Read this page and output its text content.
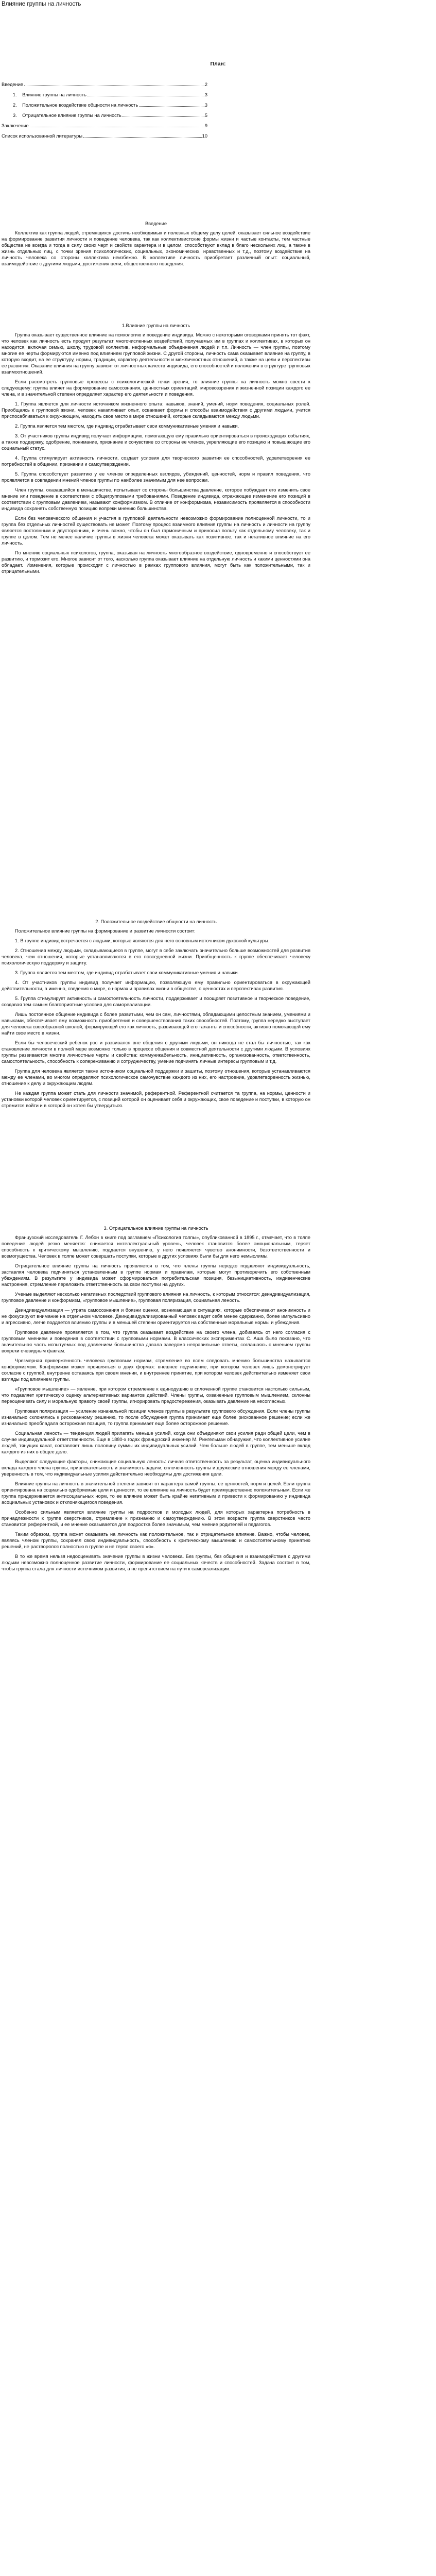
Влияние группы на личность
План:
Введение	2
1.    Влияние группы на личность	3
2.    Положительное воздействие общности на личность	3
3.    Отрицательное влияние группы на личность	5
Заключение	9
Список использованной литературы	10
Введение

Коллектив как группа людей, стремящихся достичь необходимых и полезных общему делу целей, оказывает сильное воздействие на формирование развития личности и поведение человека, так как коллективистские формы жизни и частые контакты, тем частные общества не всегда и тогда в силу своих черт и свойств характера и в целом, способствуют вклад в благо нескольких лиц, а также в жизнь отдельных лиц, с точки зрения психологических, социальных, экономических, нравственных и т.д., поэтому воздействие на личность человека со стороны коллектива неизбежно. В коллективе личность приобретает различный опыт: социальный, взаимодействие с другими людьми, достижения цели, общественного поведения.

1.Влияние группы на личность

Группа оказывает существенное влияние на психологию и поведение индивида. Можно с некоторыми оговорками принять тот факт, что человек как личность есть продукт результат многочисленных воздействий, получаемых им в группах и коллективах, в которых он находится, включая семью, школу, трудовой коллектив, неформальные объединения людей и т.п. Личность — член группы, поэтому многие ее черты формируются именно под влиянием групповой жизни. С другой стороны, личность сама оказывает влияние на группу, в которую входит, на ее структуру, нормы, традиции, характер деятельности и межличностных отношений, а также на цели и перспективы ее развития. Оказание влияния на группу зависит от личностных качеств индивида, его способностей и положения в структуре групповых взаимоотношений.

Если рассмотреть групповые процессы с психологической точки зрения, то влияние группы на личность можно свести к следующему: группа влияет на формирование самосознания, ценностных ориентаций, мировоззрения и жизненной позиции каждого ее члена, и в значительной степени определяет характер его деятельности и поведения.

1. Группа является для личности источником жизненного опыта: навыков, знаний, умений, норм поведения, социальных ролей. Приобщаясь к групповой жизни, человек накапливает опыт, осваивает формы и способы взаимодействия с другими людьми, учится приспосабливаться к окружающим, находить свое место в мире отношений, которые складываются между людьми.

2. Группа является тем местом, где индивид отрабатывает свои коммуникативные умения и навыки.

3. От участников группы индивид получает информацию, помогающую ему правильно ориентироваться в происходящих событиях, а также поддержку, одобрение, понимание, признание и сочувствие со стороны ее членов, укрепляющие его позицию и повышающие его социальный статус.

4. Группа стимулирует активность личности, создает условия для творческого развития ее способностей, удовлетворения ее потребностей в общении, признании и самоутверждении.

5. Группа способствует развитию у ее членов определенных взглядов, убеждений, ценностей, норм и правил поведения, что проявляется в совпадении мнений членов группы по наиболее значимым для нее вопросам.

Член группы, оказавшийся в меньшинстве, испытывает со стороны большинства давление, которое побуждает его изменить свое мнение или поведение в соответствии с общегрупповыми требованиями. Поведение индивида, отражающее изменение его позиций в соответствии с групповым давлением, называют конформизмом. В отличие от конформизма, независимость проявляется в способности индивида сохранять собственную позицию вопреки мнению большинства.

Если без человеческого общения и участия в групповой деятельности невозможно формирование полноценной личности, то и группа без отдельных личностей существовать не может. Поэтому процесс взаимного влияния группы на личность и личности на группу является постоянным и двусторонним, и очень важно, чтобы он был гармоничным и приносил пользу как отдельному человеку, так и группе в целом. Тем не менее наличие группы в жизни человека может оказывать как позитивное, так и негативное влияние на его личность.

По мнению социальных психологов, группа, оказывая на личность многообразное воздействие, одновременно и способствует ее развитию, и тормозит его. Многое зависит от того, насколько группа оказывает влияние на отдельную личность и какими ценностями она обладает. Изменения, которые происходят с личностью в рамках группового влияния, могут быть как положительными, так и отрицательными.

2. Положительное воздействие общности на личность

Положительное влияние группы на формирование и развитие личности состоит:

1. В группе индивид встречается с людьми, которые являются для него основным источником духовной культуры.

2. Отношения между людьми, складывающиеся в группе, могут в себе заключать значительно больше возможностей для развития человека, чем отношения, которые устанавливаются в его повседневной жизни. Приобщенность к группе обеспечивает человеку психологическую поддержку и защиту.

3. Группа является тем местом, где индивид отрабатывает свои коммуникативные умения и навыки.

4. От участников группы индивид получает информацию, позволяющую ему правильно ориентироваться в окружающей действительности, а именно, сведения о мире, о нормах и правилах жизни в обществе, о ценностях и перспективах развития.

5. Группа стимулирует активность и самостоятельность личности, поддерживает и поощряет позитивное и творческое поведение, создавая тем самым благоприятные условия для самореализации.

Лишь постоянное общение индивида с более развитыми, чем он сам, личностями, обладающими целостным знанием, умениями и навыками, обеспечивает ему возможность приобретения и совершенствования таких способностей. Поэтому, группа нередко выступает для человека своеобразной школой, формирующей его как личность, развивающей его таланты и способности, активно помогающей ему найти свое место в жизни.

Если бы человеческий ребенок рос и развивался вне общения с другими людьми, он никогда не стал бы личностью, так как становление личности в полной мере возможно только в процессе общения и совместной деятельности с другими людьми. В условиях группы развиваются многие личностные черты и свойства: коммуникабельность, инициативность, организованность, ответственность, самостоятельность, способность к сопереживанию и сотрудничеству, умение подчинять личные интересы групповым и т.д.

Группа для человека является также источником социальной поддержки и зашиты, поэтому отношения, которые устанавливаются между ее членами, во многом определяют психологическое самочувствие каждого из них, его настроение, удовлетворенность жизнью, отношение к делу и окружающим людям.

Не каждая группа может стать для личности значимой, референтной. Референтной считается та группа, на нормы, ценности и установки которой человек ориентируется, с позиций которой он оценивает себя и окружающих, свое поведение и поступки, в которую он стремится войти и в которой он хотел бы утвердиться.

3. Отрицательное влияние группы на личность

Французский исследователь Г. Лебон в книге под заглавием «Психология толпы», опубликованной в 1895 г., отмечает, что в толпе поведение людей резко меняется: снижается интеллектуальный уровень, человек становится более эмоциональным, теряет способность к критическому мышлению, поддается внушению, у него появляется чувство анонимности, безответственности и всемогущества. Человек в толпе может совершать поступки, которые в других условиях были бы для него немыслимы.

Отрицательное влияние группы на личность проявляется в том, что члены группы нередко подавляют индивидуальность, заставляя человека подчиняться установленным в группе нормам и правилам, которые могут противоречить его собственным убеждениям. В результате у индивида может сформироваться потребительская позиция, безынициативность, иждивенческие настроения, стремление переложить ответственность за свои поступки на других.

Ученые выделяют несколько негативных последствий группового влияния на личность, к которым относятся: деиндивидуализация, групповое давление и конформизм, «групповое мышление», групповая поляризация, социальная леность.

Деиндивидуализация — утрата самосознания и боязни оценки, возникающая в ситуациях, которые обеспечивают анонимность и не фокусируют внимание на отдельном человеке. Деиндивидуализированный человек ведет себя менее сдержанно, более импульсивно и агрессивно, легче поддается влиянию группы и в меньшей степени ориентируется на собственные моральные нормы и убеждения.

Групповое давление проявляется в том, что группа оказывает воздействие на своего члена, добиваясь от него согласия с групповым мнением и поведения в соответствии с групповыми нормами. В классических экспериментах С. Аша было показано, что значительная часть испытуемых под давлением большинства давала заведомо неправильные ответы, соглашаясь с мнением группы вопреки очевидным фактам.

Чрезмерная приверженность человека групповым нормам, стремление во всем следовать мнению большинства называется конформизмом. Конформизм может проявляться в двух формах: внешнее подчинение, при котором человек лишь демонстрирует согласие с группой, внутренне оставаясь при своем мнении, и внутреннее принятие, при котором человек действительно изменяет свои взгляды под влиянием группы.

«Групповое мышление» — явление, при котором стремление к единодушию в сплоченной группе становится настолько сильным, что подавляет критическую оценку альтернативных вариантов действий. Члены группы, охваченные групповым мышлением, склонны переоценивать силу и моральную правоту своей группы, игнорировать предостережения, оказывать давление на несогласных.

Групповая поляризация — усиление изначальной позиции членов группы в результате группового обсуждения. Если члены группы изначально склонялись к рискованному решению, то после обсуждения группа принимает еще более рискованное решение; если же изначально преобладала осторожная позиция, то группа принимает еще более осторожное решение.

Социальная леность — тенденция людей прилагать меньше усилий, когда они объединяют свои усилия ради общей цели, чем в случае индивидуальной ответственности. Еще в 1880-х годах французский инженер М. Рингельман обнаружил, что коллективное усилие людей, тянущих канат, составляет лишь половину суммы их индивидуальных усилий. Чем больше людей в группе, тем меньше вклад каждого из них в общее дело.

Выделяют следующие факторы, снижающие социальную леность: личная ответственность за результат, оценка индивидуального вклада каждого члена группы, привлекательность и значимость задачи, сплоченность группы и дружеские отношения между ее членами, уверенность в том, что индивидуальные усилия действительно необходимы для достижения цели.

Влияние группы на личность в значительной степени зависит от характера самой группы, ее ценностей, норм и целей. Если группа ориентирована на социально одобряемые цели и ценности, то ее влияние на личность будет преимущественно положительным. Если же группа придерживается антисоциальных норм, то ее влияние может быть крайне негативным и привести к формированию у индивида асоциальных установок и отклоняющегося поведения.

Особенно сильным является влияние группы на подростков и молодых людей, для которых характерна потребность в принадлежности к группе сверстников, стремление к признанию и самоутверждению. В этом возрасте группа сверстников часто становится референтной, и ее мнение оказывается для подростка более значимым, чем мнение родителей и педагогов.

Таким образом, группа может оказывать на личность как положительное, так и отрицательное влияние. Важно, чтобы человек, являясь членом группы, сохранял свою индивидуальность, способность к критическому мышлению и самостоятельному принятию решений, не растворялся полностью в группе и не терял своего «я».

В то же время нельзя недооценивать значение группы в жизни человека. Без группы, без общения и взаимодействия с другими людьми невозможно полноценное развитие личности, формирование ее социальных качеств и способностей. Задача состоит в том, чтобы группа стала для личности источником развития, а не препятствием на пути к самореализации.
